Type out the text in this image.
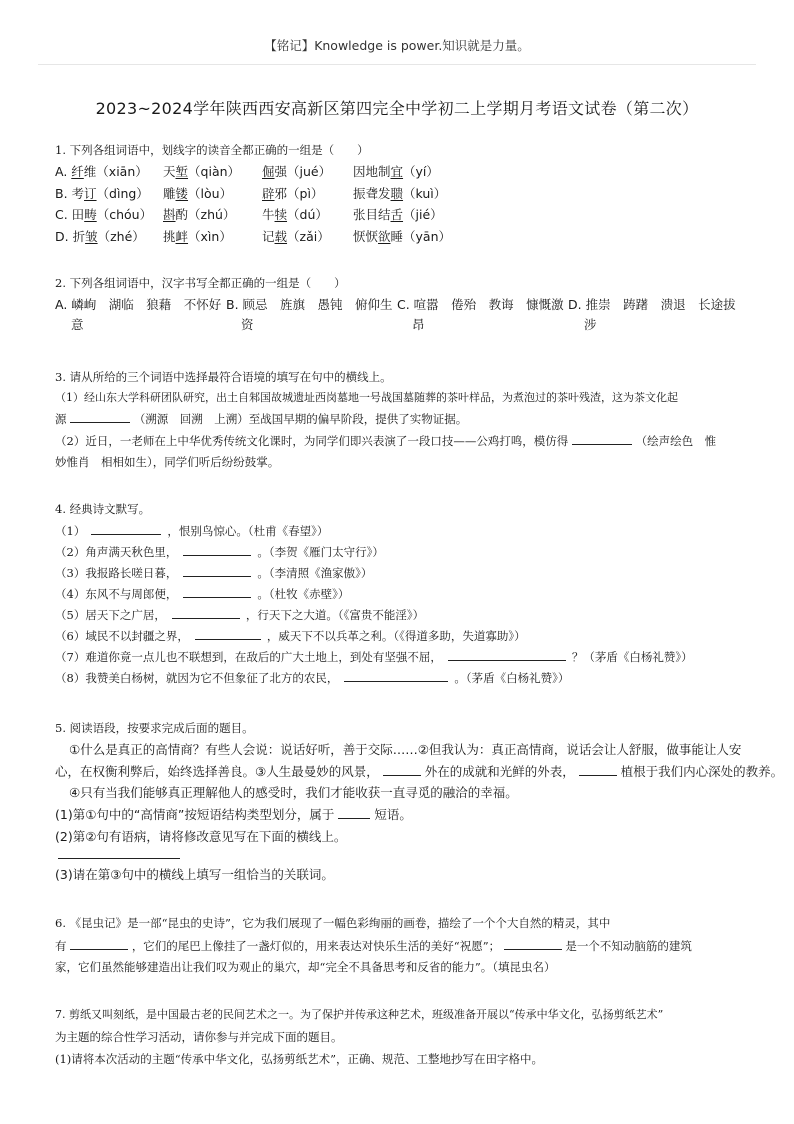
【铭记】Knowledge is power.知识就是力量。
2023~2024学年陕西西安高新区第四完全中学初二上学期月考语文试卷（第二次）
1. 下列各组词语中，划线字的读音全都正确的一组是（　　）
A. 纤维（xiān） 天堑（qiàn） 倔强（jué） 因地制宜（yí）
B. 考订（dìng） 雕镂（lòu） 辟邪（pì） 振聋发聩（kuì）
C. 田畴（chóu） 斟酌（zhú） 牛犊（dú） 张目结舌（jié）
D. 折皱（zhé） 挑衅（xìn） 记载（zǎi） 恹恹欲睡（yān）
2. 下列各组词语中，汉字书写全都正确的一组是（　　）
A. 嶙峋　湖临　狼藉　不怀好
意
B. 顾忌　旌旗　愚钝　俯仰生
资
C. 喧嚣　倦殆　教诲　慷慨激
昂
D. 推崇　踌躇　溃退　长途拔
涉
3. 请从所给的三个词语中选择最符合语境的填写在句中的横线上。
（1）经山东大学科研团队研究，出土自邾国故城遗址西岗墓地一号战国墓随葬的茶叶样品，为煮泡过的茶叶残渣，这为茶文化起
源	（溯源　回溯　上溯）至战国早期的偏早阶段，提供了实物证据。
（2）近日，一老师在上中华优秀传统文化课时，为同学们即兴表演了一段口技——公鸡打鸣，模仿得	（绘声绘色　惟
妙惟肖　相相如生），同学们听后纷纷鼓掌。
4. 经典诗文默写。
（1）	，恨别鸟惊心。（杜甫《春望》）
（2）角声满天秋色里，	。（李贺《雁门太守行》）
（3）我报路长嗟日暮，	。（李清照《渔家傲》）
（4）东风不与周郎便，	。（杜牧《赤壁》）
（5）居天下之广居，	，行天下之大道。（《富贵不能淫》）
（6）域民不以封疆之界，	，威天下不以兵革之利。（《得道多助，失道寡助》）
（7）难道你竟一点儿也不联想到，在敌后的广大土地上，到处有坚强不屈，	？（茅盾《白杨礼赞》）
（8）我赞美白杨树，就因为它不但象征了北方的农民，	。（茅盾《白杨礼赞》）
5. 阅读语段，按要求完成后面的题目。
①什么是真正的高情商？有些人会说：说话好听，善于交际……②但我认为：真正高情商，说话会让人舒服，做事能让人安
心，在权衡利弊后，始终选择善良。③人生最曼妙的风景，	外在的成就和光鲜的外表，	植根于我们内心深处的教养。
④只有当我们能够真正理解他人的感受时，我们才能收获一直寻觅的融洽的幸福。
(1)第①句中的“高情商”按短语结构类型划分，属于	短语。
(2)第②句有语病，请将修改意见写在下面的横线上。
(3)请在第③句中的横线上填写一组恰当的关联词。
6. 《昆虫记》是一部“昆虫的史诗”，它为我们展现了一幅色彩绚丽的画卷，描绘了一个个大自然的精灵，其中
有	，它们的尾巴上像挂了一盏灯似的，用来表达对快乐生活的美好“祝愿”；	是一个不知动脑筋的建筑
家，它们虽然能够建造出让我们叹为观止的巢穴，却“完全不具备思考和反省的能力”。（填昆虫名）
7. 剪纸又叫刻纸，是中国最古老的民间艺术之一。为了保护并传承这种艺术，班级准备开展以“传承中华文化，弘扬剪纸艺术”
为主题的综合性学习活动，请你参与并完成下面的题目。
(1)请将本次活动的主题“传承中华文化，弘扬剪纸艺术”，正确、规范、工整地抄写在田字格中。
